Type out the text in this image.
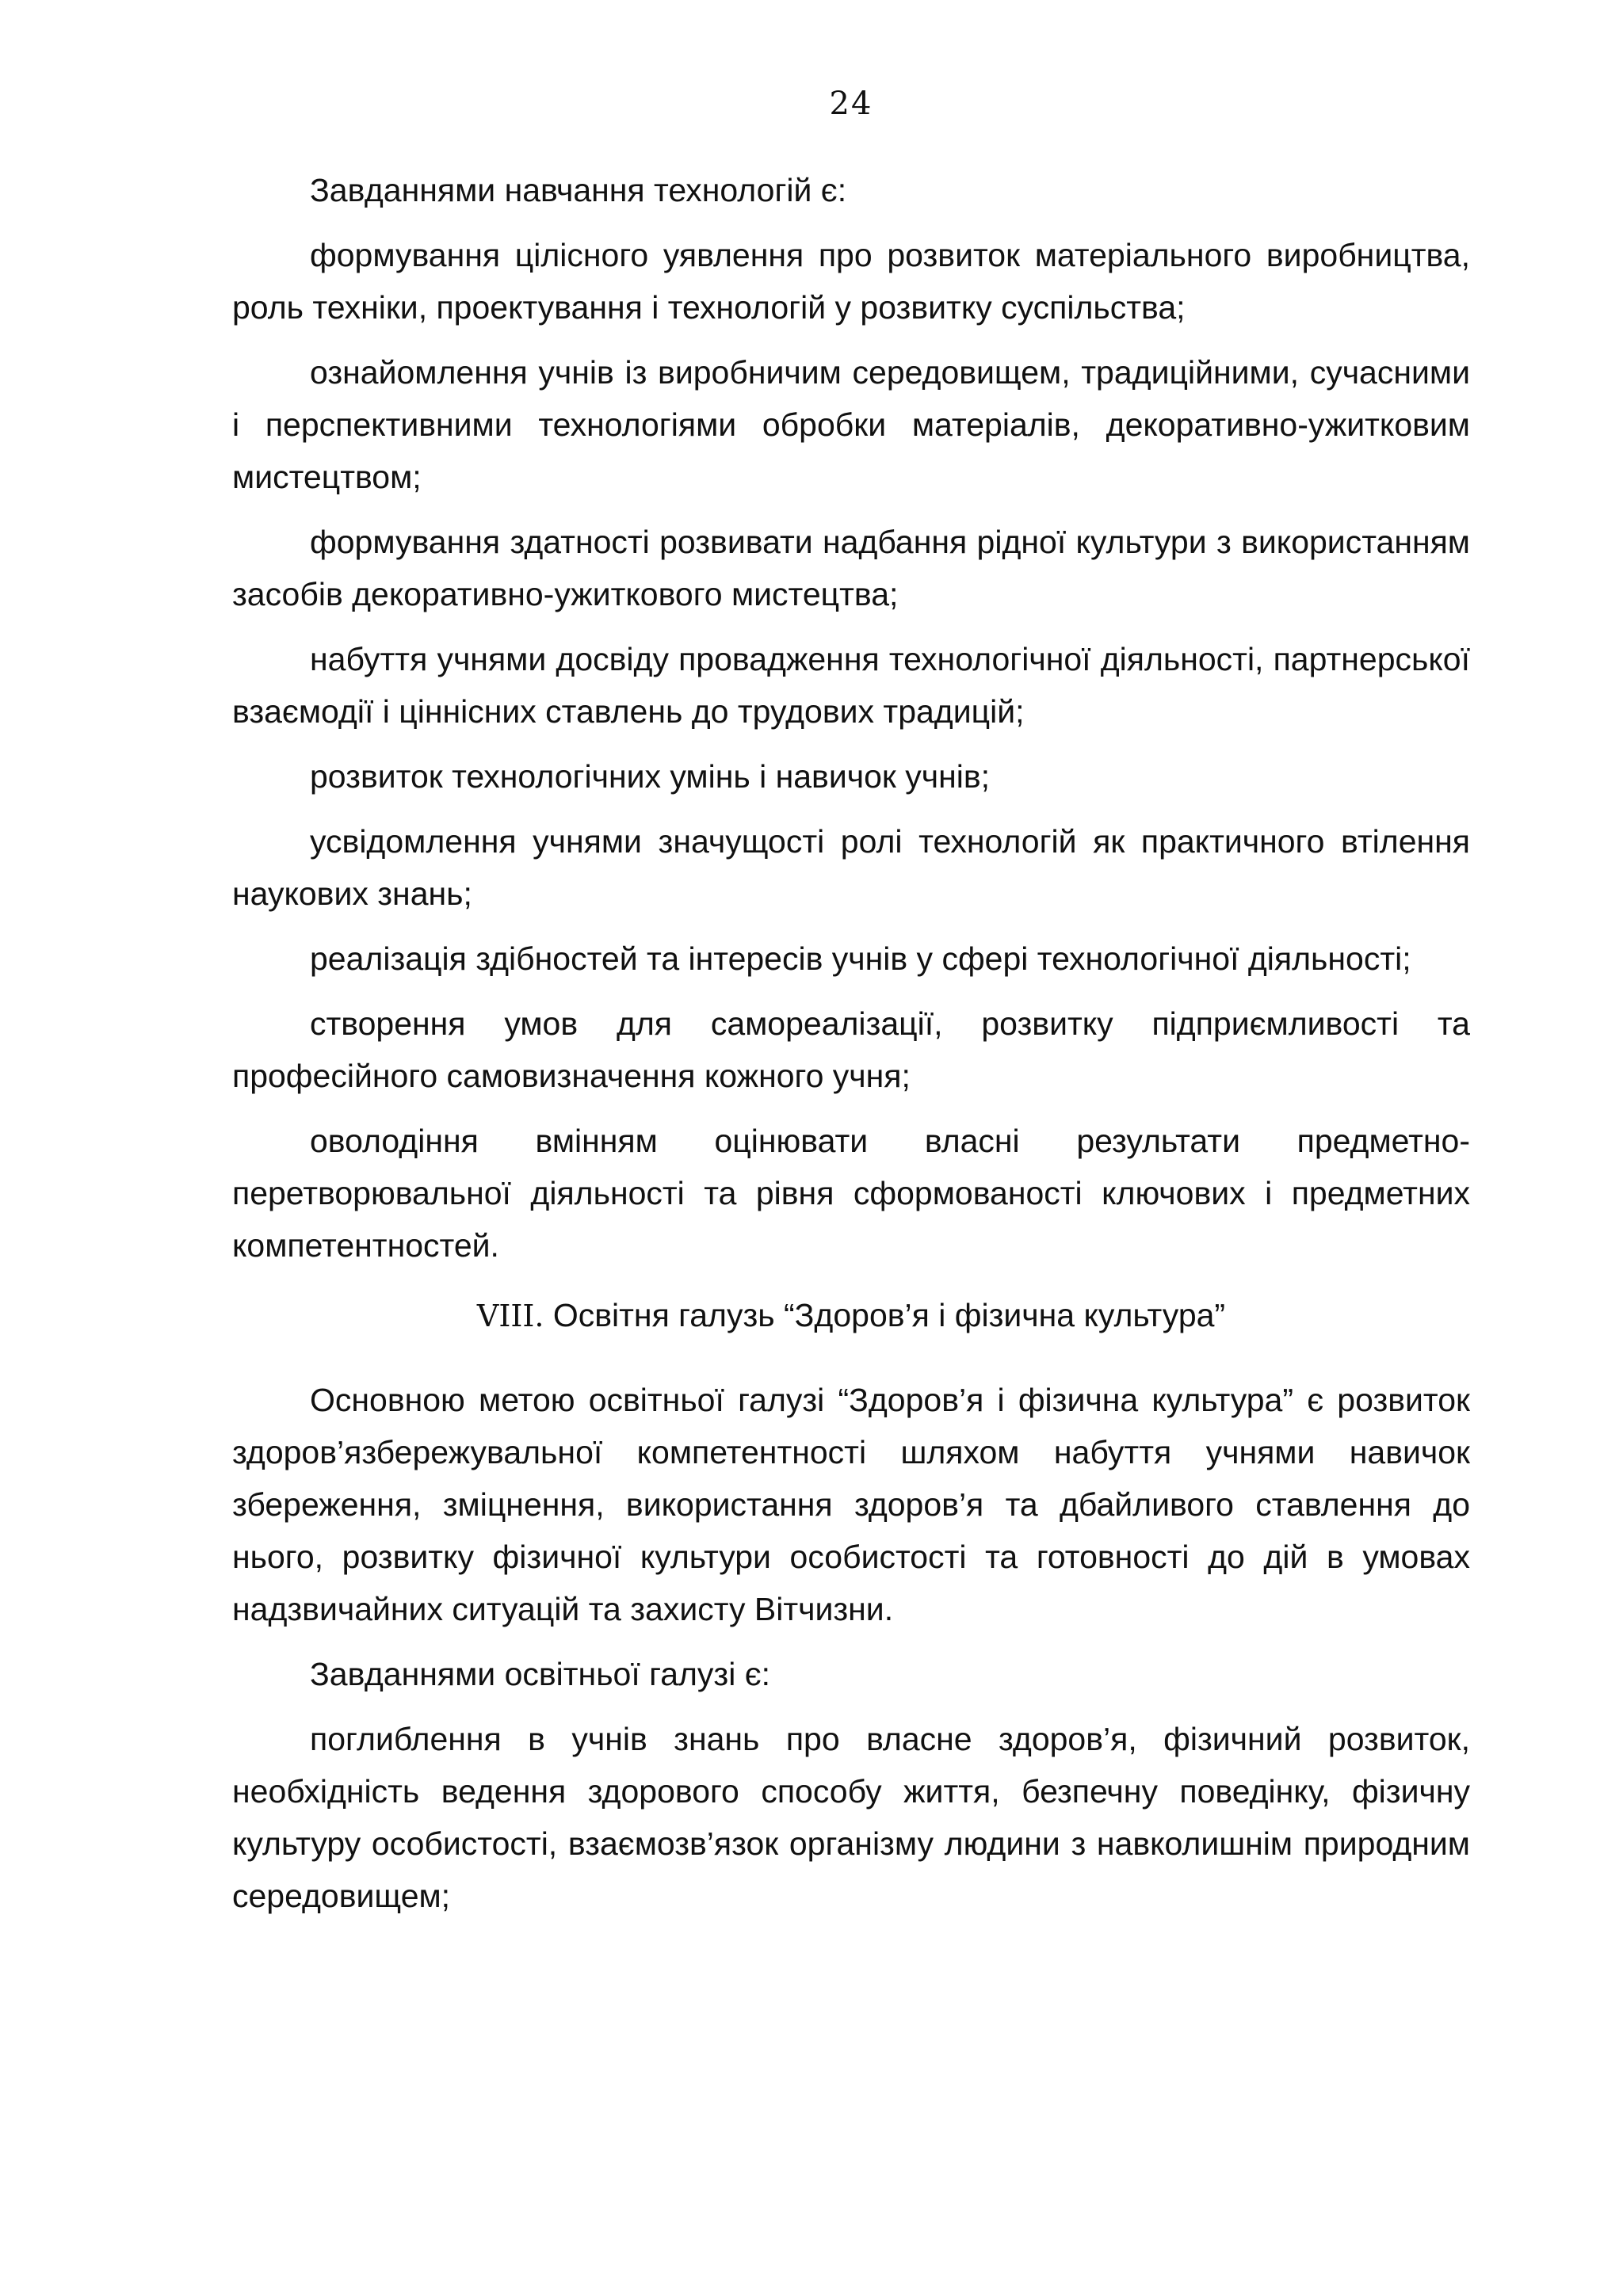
24

Завданнями навчання технологій є:

формування цілісного уявлення про розвиток матеріального виробництва, роль техніки, проектування і технологій у розвитку суспільства;

ознайомлення учнів із виробничим середовищем, традиційними, сучасними і перспективними технологіями обробки матеріалів, декоративно-ужитковим мистецтвом;

формування здатності розвивати надбання рідної культури з використанням засобів декоративно-ужиткового мистецтва;

набуття учнями досвіду провадження технологічної діяльності, партнерської взаємодії і ціннісних ставлень до трудових традицій;

розвиток технологічних умінь і навичок учнів;

усвідомлення учнями значущості ролі технологій як практичного втілення наукових знань;

реалізація здібностей та інтересів учнів у сфері технологічної діяльності;

створення умов для самореалізації, розвитку підприємливості та професійного самовизначення кожного учня;

оволодіння вмінням оцінювати власні результати предметно-перетворювальної діяльності та рівня сформованості ключових і предметних компетентностей.

VIII. Освітня галузь “Здоров’я і фізична культура”

Основною метою освітньої галузі “Здоров’я і фізична культура” є розвиток здоров’язбережувальної компетентності шляхом набуття учнями навичок збереження, зміцнення, використання здоров’я та дбайливого ставлення до нього, розвитку фізичної культури особистості та готовності до дій в умовах надзвичайних ситуацій та захисту Вітчизни.

Завданнями освітньої галузі є:

поглиблення в учнів знань про власне здоров’я, фізичний розвиток, необхідність ведення здорового способу життя, безпечну поведінку, фізичну культуру особистості, взаємозв’язок організму людини з навколишнім природним середовищем;
